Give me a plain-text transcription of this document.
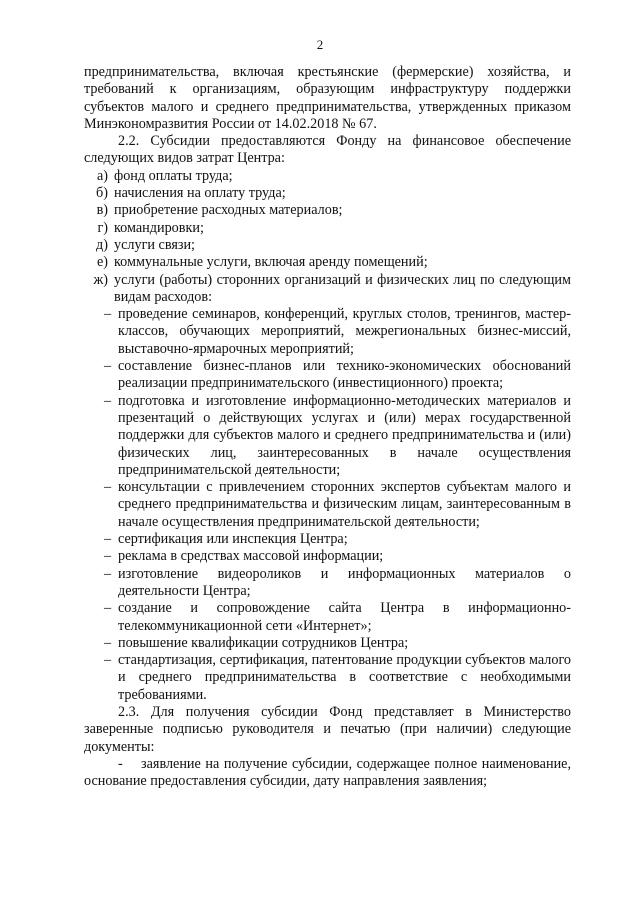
2

предпринимательства, включая крестьянские (фермерские) хозяйства, и требований к организациям, образующим инфраструктуру поддержки субъектов малого и среднего предпринимательства, утвержденных приказом Минэкономразвития России от 14.02.2018 № 67.

2.2. Субсидии предоставляются Фонду на финансовое обеспечение следующих видов затрат Центра:

а) фонд оплаты труда;
б) начисления на оплату труда;
в) приобретение расходных материалов;
г) командировки;
д) услуги связи;
е) коммунальные услуги, включая аренду помещений;
ж) услуги (работы) сторонних организаций и физических лиц по следующим видам расходов:
– проведение семинаров, конференций, круглых столов, тренингов, мастер-классов, обучающих мероприятий, межрегиональных бизнес-миссий, выставочно-ярмарочных мероприятий;
– составление бизнес-планов или технико-экономических обоснований реализации предпринимательского (инвестиционного) проекта;
– подготовка и изготовление информационно-методических материалов и презентаций о действующих услугах и (или) мерах государственной поддержки для субъектов малого и среднего предпринимательства и (или) физических лиц, заинтересованных в начале осуществления предпринимательской деятельности;
– консультации с привлечением сторонних экспертов субъектам малого и среднего предпринимательства и физическим лицам, заинтересованным в начале осуществления предпринимательской деятельности;
– сертификация или инспекция Центра;
– реклама в средствах массовой информации;
– изготовление видеороликов и информационных материалов о деятельности Центра;
– создание и сопровождение сайта Центра в информационно-телекоммуникационной сети «Интернет»;
– повышение квалификации сотрудников Центра;
– стандартизация, сертификация, патентование продукции субъектов малого и среднего предпринимательства в соответствие с необходимыми требованиями.

2.3. Для получения субсидии Фонд представляет в Министерство заверенные подписью руководителя и печатью (при наличии) следующие документы:

- заявление на получение субсидии, содержащее полное наименование, основание предоставления субсидии, дату направления заявления;
